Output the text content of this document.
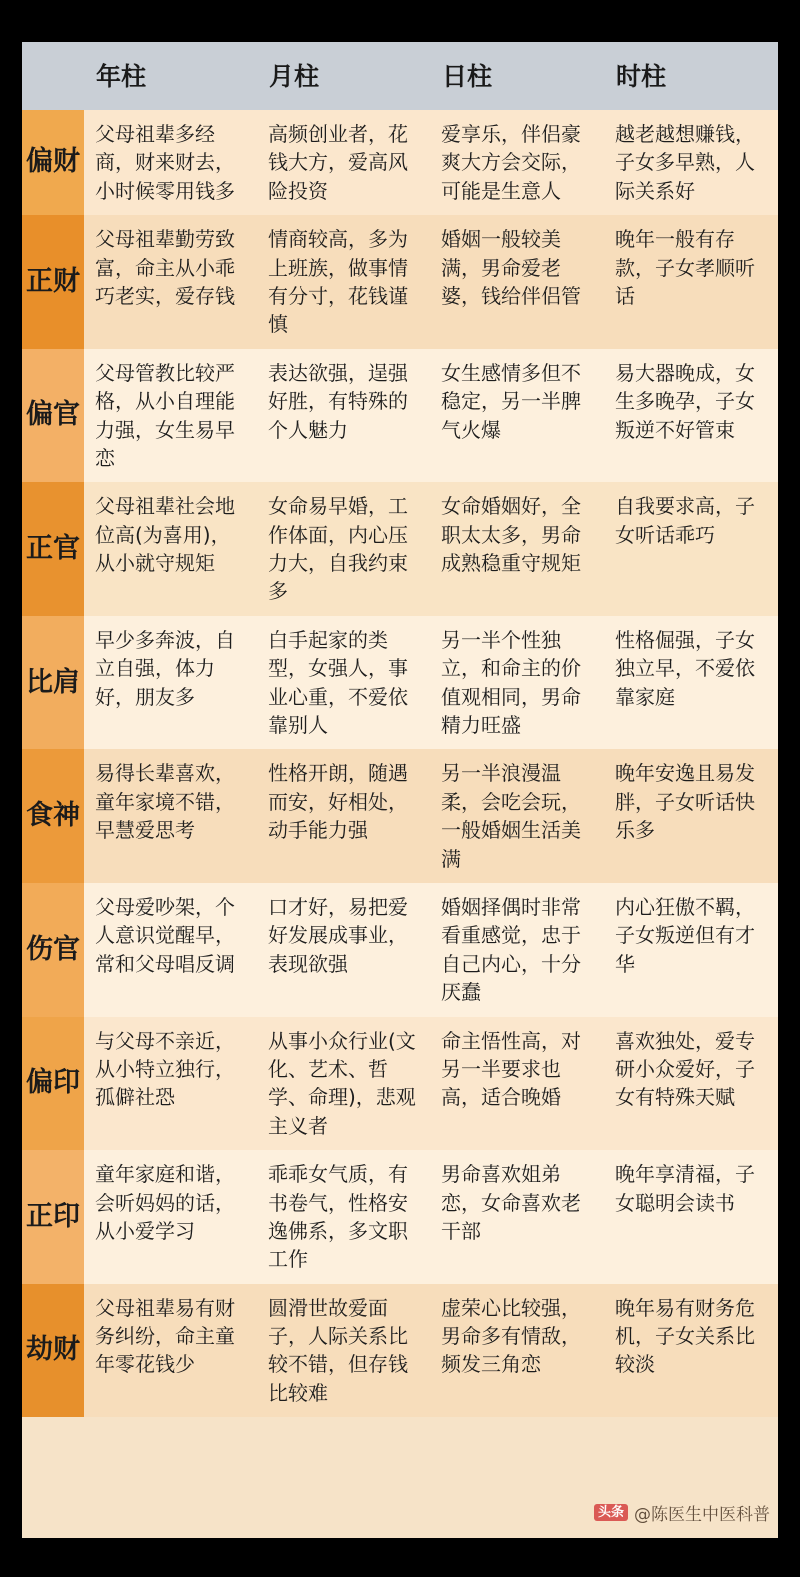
	年柱	月柱	日柱	时柱
偏财	父母祖辈多经商，财来财去，小时候零用钱多	高频创业者，花钱大方，爱高风险投资	爱享乐，伴侣豪爽大方会交际，可能是生意人	越老越想赚钱，子女多早熟，人际关系好
正财	父母祖辈勤劳致富，命主从小乖巧老实，爱存钱	情商较高，多为上班族，做事情有分寸，花钱谨慎	婚姻一般较美满，男命爱老婆，钱给伴侣管	晚年一般有存款，子女孝顺听话
偏官	父母管教比较严格，从小自理能力强，女生易早恋	表达欲强，逞强好胜，有特殊的个人魅力	女生感情多但不稳定，另一半脾气火爆	易大器晚成，女生多晚孕，子女叛逆不好管束
正官	父母祖辈社会地位高(为喜用)，从小就守规矩	女命易早婚，工作体面，内心压力大，自我约束多	女命婚姻好，全职太太多，男命成熟稳重守规矩	自我要求高，子女听话乖巧
比肩	早少多奔波，自立自强，体力好，朋友多	白手起家的类型，女强人，事业心重，不爱依靠别人	另一半个性独立，和命主的价值观相同，男命精力旺盛	性格倔强，子女独立早，不爱依靠家庭
食神	易得长辈喜欢，童年家境不错，早慧爱思考	性格开朗，随遇而安，好相处，动手能力强	另一半浪漫温柔，会吃会玩，一般婚姻生活美满	晚年安逸且易发胖，子女听话快乐多
伤官	父母爱吵架，个人意识觉醒早，常和父母唱反调	口才好，易把爱好发展成事业，表现欲强	婚姻择偶时非常看重感觉，忠于自己内心，十分厌蠢	内心狂傲不羁，子女叛逆但有才华
偏印	与父母不亲近，从小特立独行，孤僻社恐	从事小众行业(文化、艺术、哲学、命理)，悲观主义者	命主悟性高，对另一半要求也高，适合晚婚	喜欢独处，爱专研小众爱好，子女有特殊天赋
正印	童年家庭和谐，会听妈妈的话，从小爱学习	乖乖女气质，有书卷气，性格安逸佛系，多文职工作	男命喜欢姐弟恋，女命喜欢老干部	晚年享清福，子女聪明会读书
劫财	父母祖辈易有财务纠纷，命主童年零花钱少	圆滑世故爱面子，人际关系比较不错，但存钱比较难	虚荣心比较强，男命多有情敌，频发三角恋	晚年易有财务危机，子女关系比较淡
头条 @陈医生中医科普
